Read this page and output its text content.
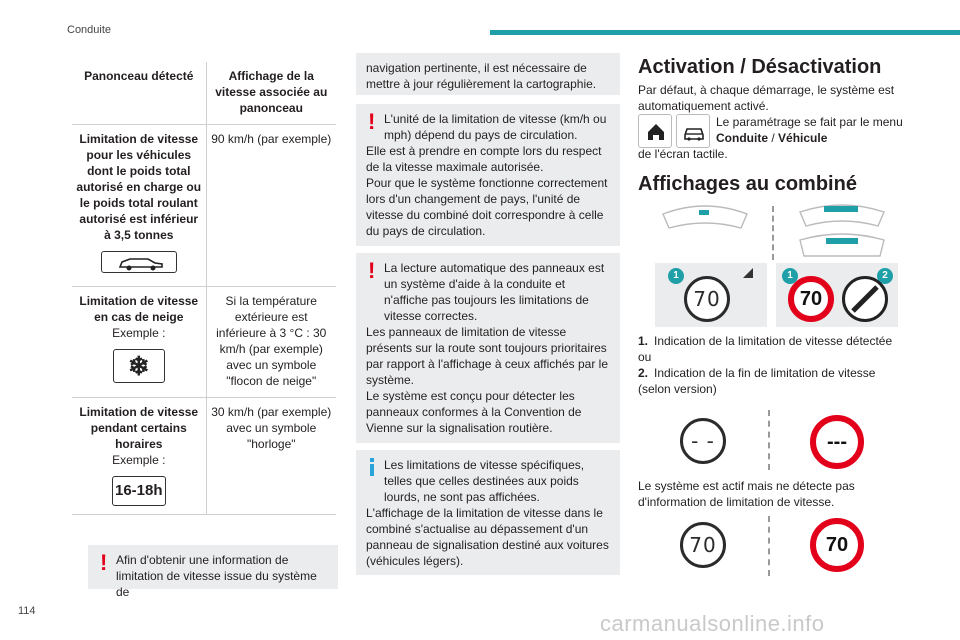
Conduite
Panonceau détecté	Affichage de la vitesse associée au panonceau

Limitation de vitesse pour les véhicules dont le poids total autorisé en charge ou le poids total roulant autorisé est inférieur à 3,5 tonnes	90 km/h (par exemple)

Limitation de vitesse en cas de neige
Exemple :
❄	Si la température extérieure est inférieure à 3 °C : 30 km/h (par exemple) avec un symbole "flocon de neige"

Limitation de vitesse pendant certains horaires
Exemple :
16-18h	30 km/h (par exemple) avec un symbole "horloge"
! Afin d'obtenir une information de limitation de vitesse issue du système de

navigation pertinente, il est nécessaire de mettre à jour régulièrement la cartographie.

! L'unité de la limitation de vitesse (km/h ou mph) dépend du pays de circulation.

Elle est à prendre en compte lors du respect de la vitesse maximale autorisée.

Pour que le système fonctionne correctement lors d'un changement de pays, l'unité de vitesse du combiné doit correspondre à celle du pays de circulation.

! La lecture automatique des panneaux est un système d'aide à la conduite et n'affiche pas toujours les limitations de vitesse correctes.

Les panneaux de limitation de vitesse présents sur la route sont toujours prioritaires par rapport à l'affichage à ceux affichés par le système.

Le système est conçu pour détecter les panneaux conformes à la Convention de Vienne sur la signalisation routière.

Les limitations de vitesse spécifiques, telles que celles destinées aux poids lourds, ne sont pas affichées.

L'affichage de la limitation de vitesse dans le combiné s'actualise au dépassement d'un panneau de signalisation destiné aux voitures (véhicules légers).

Activation / Désactivation
Par défaut, à chaque démarrage, le système est automatiquement activé.
Le paramétrage se fait par le menu Conduite / Véhicule
de l'écran tactile.
Affichages au combiné
1
70
1	2
70
1. Indication de la limitation de vitesse détectée ou
2. Indication de la fin de limitation de vitesse (selon version)
- -	---
Le système est actif mais ne détecte pas d'information de limitation de vitesse.
70	70
114	carmanualsonline.info
